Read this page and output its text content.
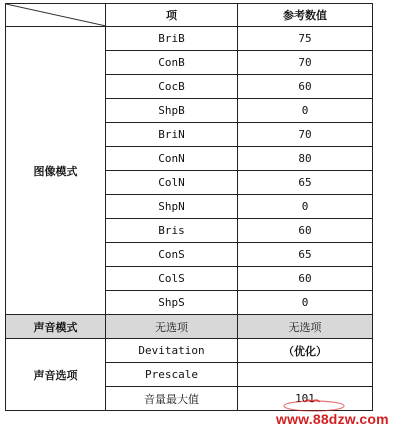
	项	参考数值
图像模式	BriB	75
	ConB	70
	CocB	60
	ShpB	0
	BriN	70
	ConN	80
	ColN	65
	ShpN	0
	Bris	60
	ConS	65
	ColS	60
	ShpS	0
声音模式	无选项	无选项
声音选项	Devitation	（优化）
	Prescale	
	音量最大值	101
www.88dzw.com
